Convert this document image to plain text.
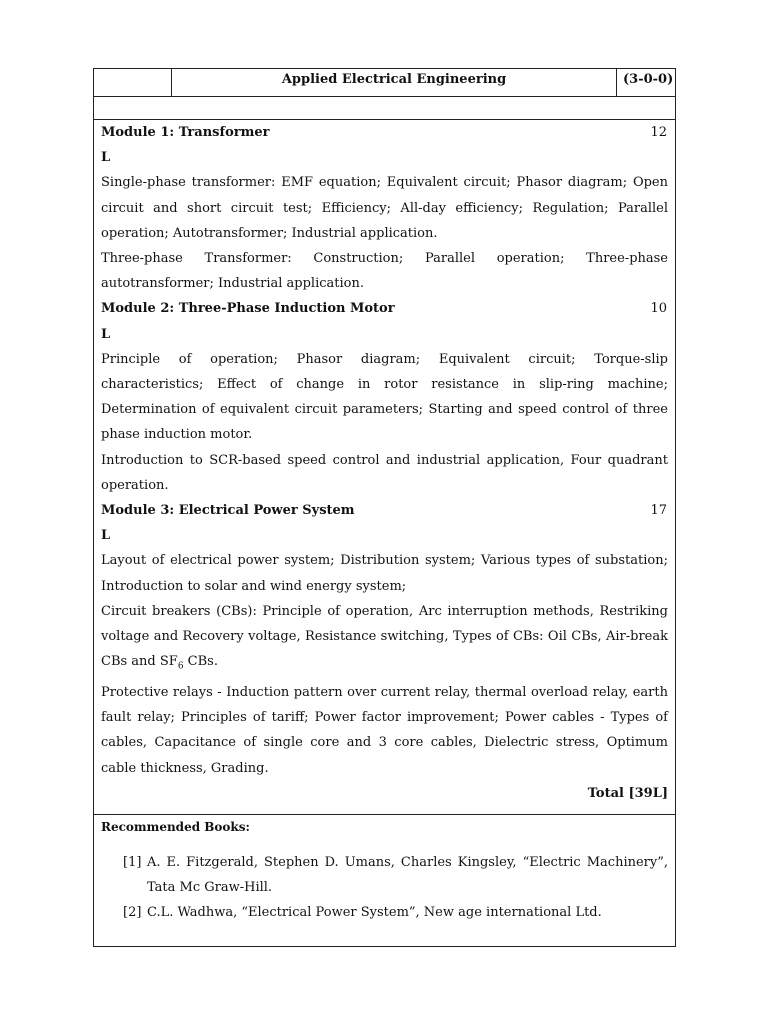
Applied Electrical Engineering	(3-0-0)
Module 1: Transformer	12
L
Single-phase transformer: EMF equation; Equivalent circuit; Phasor diagram; Open circuit and short circuit test; Efficiency; All-day efficiency; Regulation; Parallel operation; Autotransformer; Industrial application.
Three-phase Transformer: Construction; Parallel operation; Three-phase autotransformer; Industrial application.
Module 2: Three-Phase Induction Motor	10
L
Principle of operation; Phasor diagram; Equivalent circuit; Torque-slip characteristics; Effect of change in rotor resistance in slip-ring machine; Determination of equivalent circuit parameters; Starting and speed control of three phase induction motor.
Introduction to SCR-based speed control and industrial application, Four quadrant operation.
Module 3: Electrical Power System	17
L
Layout of electrical power system; Distribution system; Various types of substation; Introduction to solar and wind energy system;
Circuit breakers (CBs): Principle of operation, Arc interruption methods, Restriking voltage and Recovery voltage, Resistance switching, Types of CBs: Oil CBs, Air-break CBs and $SF_6$ CBs.
Protective relays - Induction pattern over current relay, thermal overload relay, earth fault relay; Principles of tariff; Power factor improvement; Power cables - Types of cables, Capacitance of single core and 3 core cables, Dielectric stress, Optimum cable thickness, Grading.
Total [39L]
Recommended Books:
[1] A. E. Fitzgerald, Stephen D. Umans, Charles Kingsley, “Electric Machinery”, Tata Mc Graw-Hill.
[2] C.L. Wadhwa, “Electrical Power System”, New age international Ltd.
